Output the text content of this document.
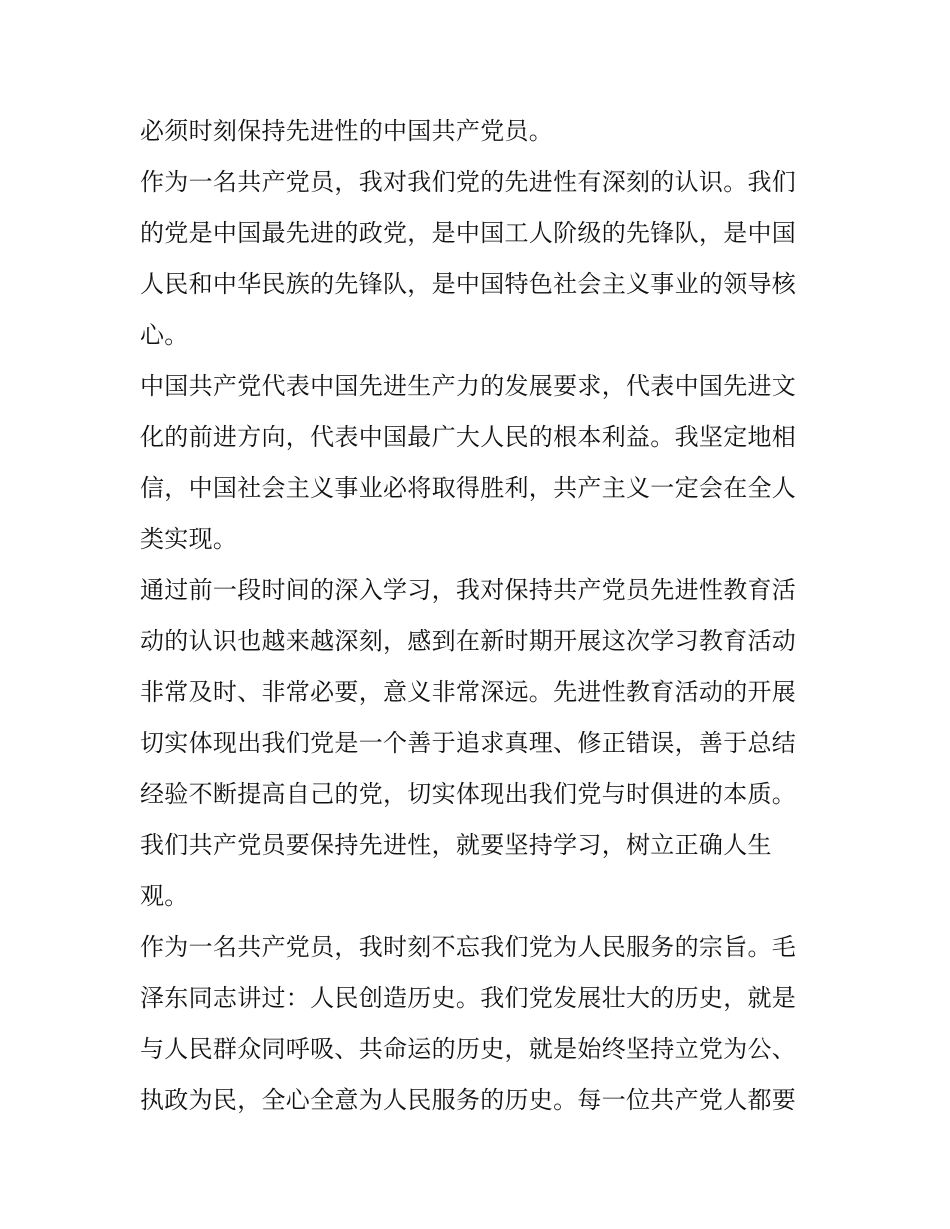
必须时刻保持先进性的中国共产党员。
作为一名共产党员，我对我们党的先进性有深刻的认识。我们
的党是中国最先进的政党，是中国工人阶级的先锋队，是中国
人民和中华民族的先锋队，是中国特色社会主义事业的领导核
心。
中国共产党代表中国先进生产力的发展要求，代表中国先进文
化的前进方向，代表中国最广大人民的根本利益。我坚定地相
信，中国社会主义事业必将取得胜利，共产主义一定会在全人
类实现。
通过前一段时间的深入学习，我对保持共产党员先进性教育活
动的认识也越来越深刻，感到在新时期开展这次学习教育活动
非常及时、非常必要，意义非常深远。先进性教育活动的开展
切实体现出我们党是一个善于追求真理、修正错误，善于总结
经验不断提高自己的党，切实体现出我们党与时俱进的本质。
我们共产党员要保持先进性，就要坚持学习，树立正确人生
观。
作为一名共产党员，我时刻不忘我们党为人民服务的宗旨。毛
泽东同志讲过：人民创造历史。我们党发展壮大的历史，就是
与人民群众同呼吸、共命运的历史，就是始终坚持立党为公、
执政为民，全心全意为人民服务的历史。每一位共产党人都要
